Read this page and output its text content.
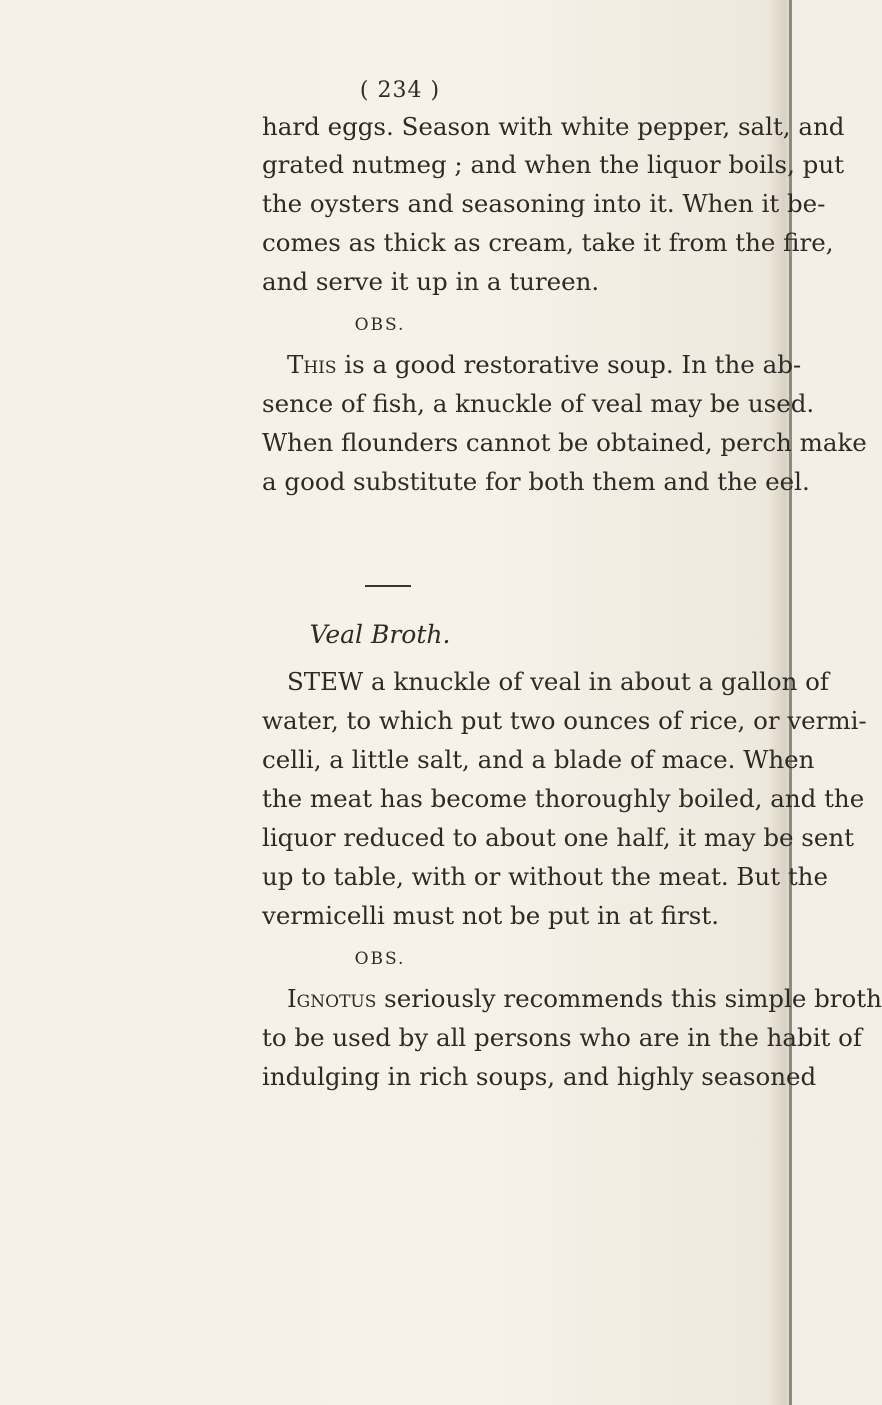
( 234 )
hard eggs. Season with white pepper, salt, and
grated nutmeg ; and when the liquor boils, put
the oysters and seasoning into it. When it be-
comes as thick as cream, take it from the fire,
and serve it up in a tureen.
OBS.
This is a good restorative soup. In the ab-
sence of fish, a knuckle of veal may be used.
When flounders cannot be obtained, perch make
a good substitute for both them and the eel.
Veal Broth.
STEW a knuckle of veal in about a gallon of
water, to which put two ounces of rice, or vermi-
celli, a little salt, and a blade of mace. When
the meat has become thoroughly boiled, and the
liquor reduced to about one half, it may be sent
up to table, with or without the meat. But the
vermicelli must not be put in at first.
OBS.
Ignotus seriously recommends this simple broth
to be used by all persons who are in the habit of
indulging in rich soups, and highly seasoned
